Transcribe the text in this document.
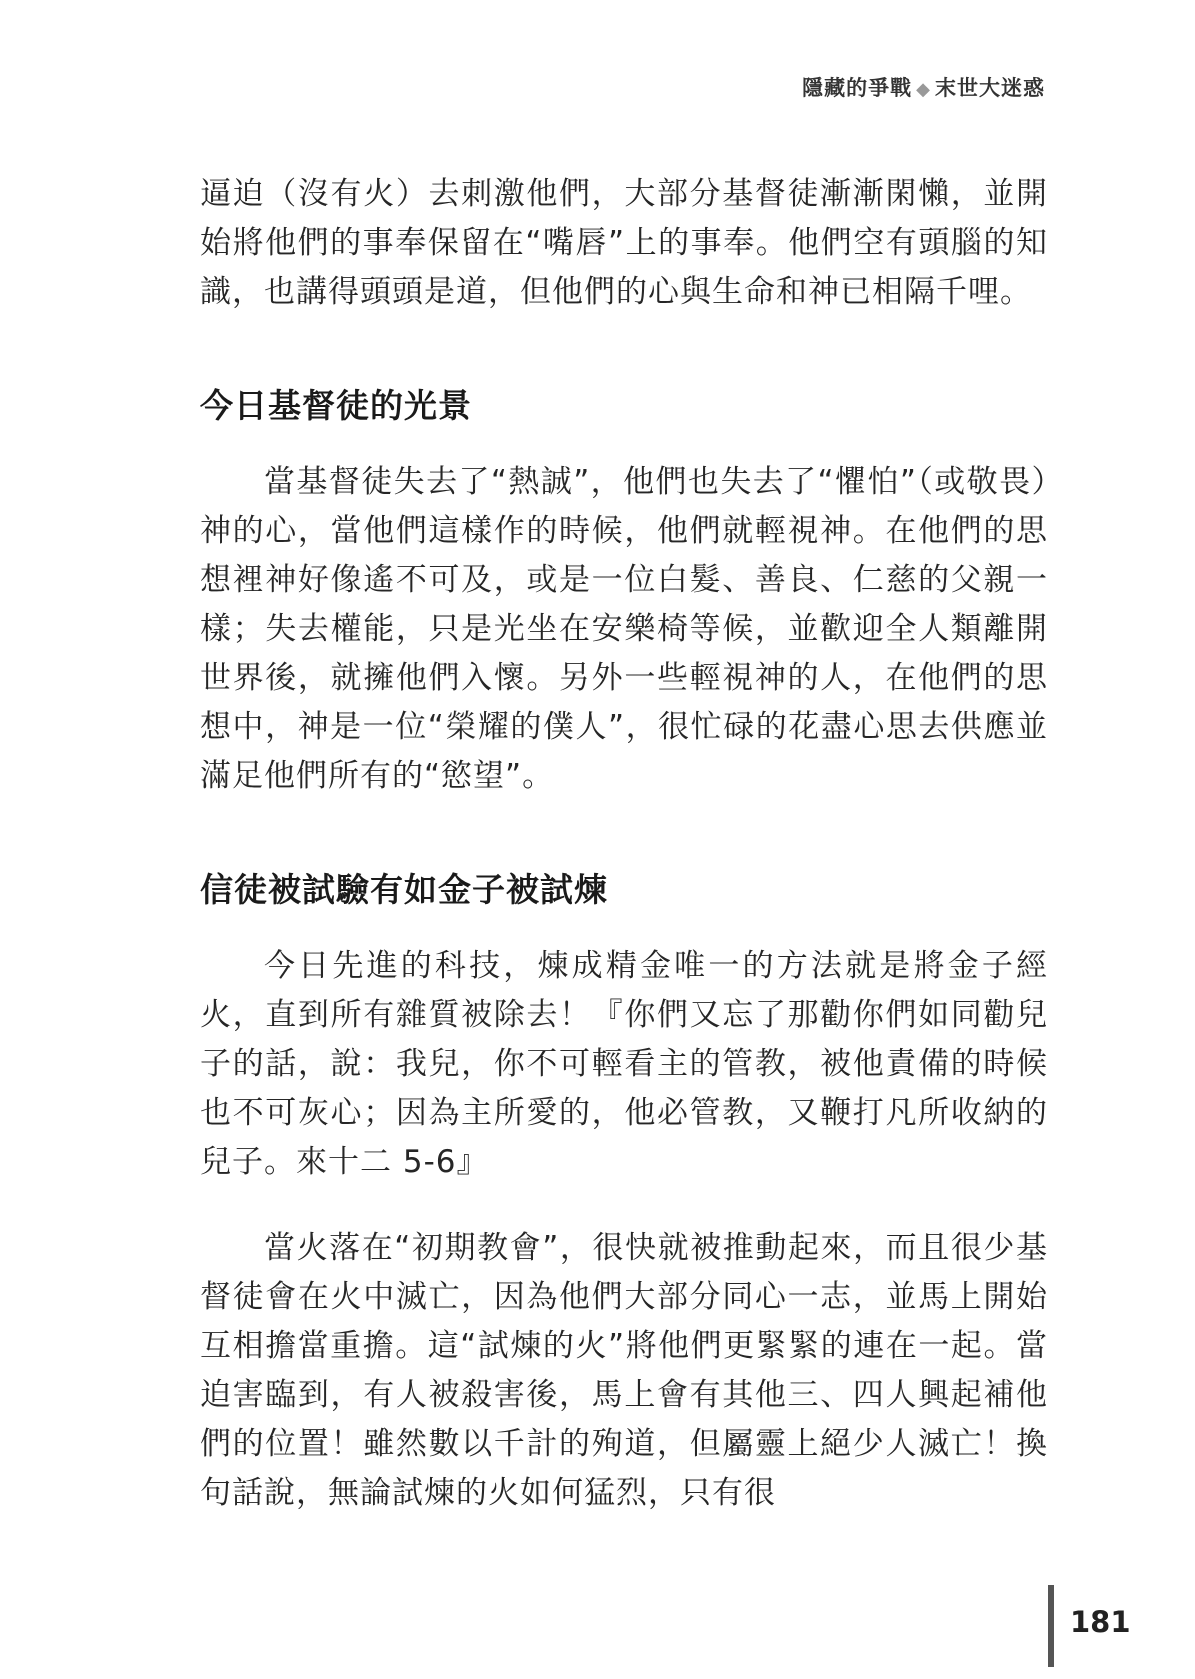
隱藏的爭戰 ◆ 末世大迷惑

逼迫（沒有火）去刺激他們，大部分基督徒漸漸閑懶，並開始將他們的事奉保留在“嘴唇”上的事奉。他們空有頭腦的知識，也講得頭頭是道，但他們的心與生命和神已相隔千哩。

今日基督徒的光景

當基督徒失去了“熱誠”，他們也失去了“懼怕”（或敬畏）神的心，當他們這樣作的時候，他們就輕視神。在他們的思想裡神好像遙不可及，或是一位白髮、善良、仁慈的父親一樣；失去權能，只是光坐在安樂椅等候，並歡迎全人類離開世界後，就擁他們入懷。另外一些輕視神的人，在他們的思想中，神是一位“榮耀的僕人”，很忙碌的花盡心思去供應並滿足他們所有的“慾望”。

信徒被試驗有如金子被試煉

今日先進的科技，煉成精金唯一的方法就是將金子經火，直到所有雜質被除去！『你們又忘了那勸你們如同勸兒子的話，說：我兒，你不可輕看主的管教，被他責備的時候也不可灰心；因為主所愛的，他必管教，又鞭打凡所收納的兒子。來十二 5-6』

當火落在“初期教會”，很快就被推動起來，而且很少基督徒會在火中滅亡，因為他們大部分同心一志，並馬上開始互相擔當重擔。這“試煉的火”將他們更緊緊的連在一起。當迫害臨到，有人被殺害後，馬上會有其他三、四人興起補他們的位置！雖然數以千計的殉道，但屬靈上絕少人滅亡！換句話說，無論試煉的火如何猛烈，只有很

181
